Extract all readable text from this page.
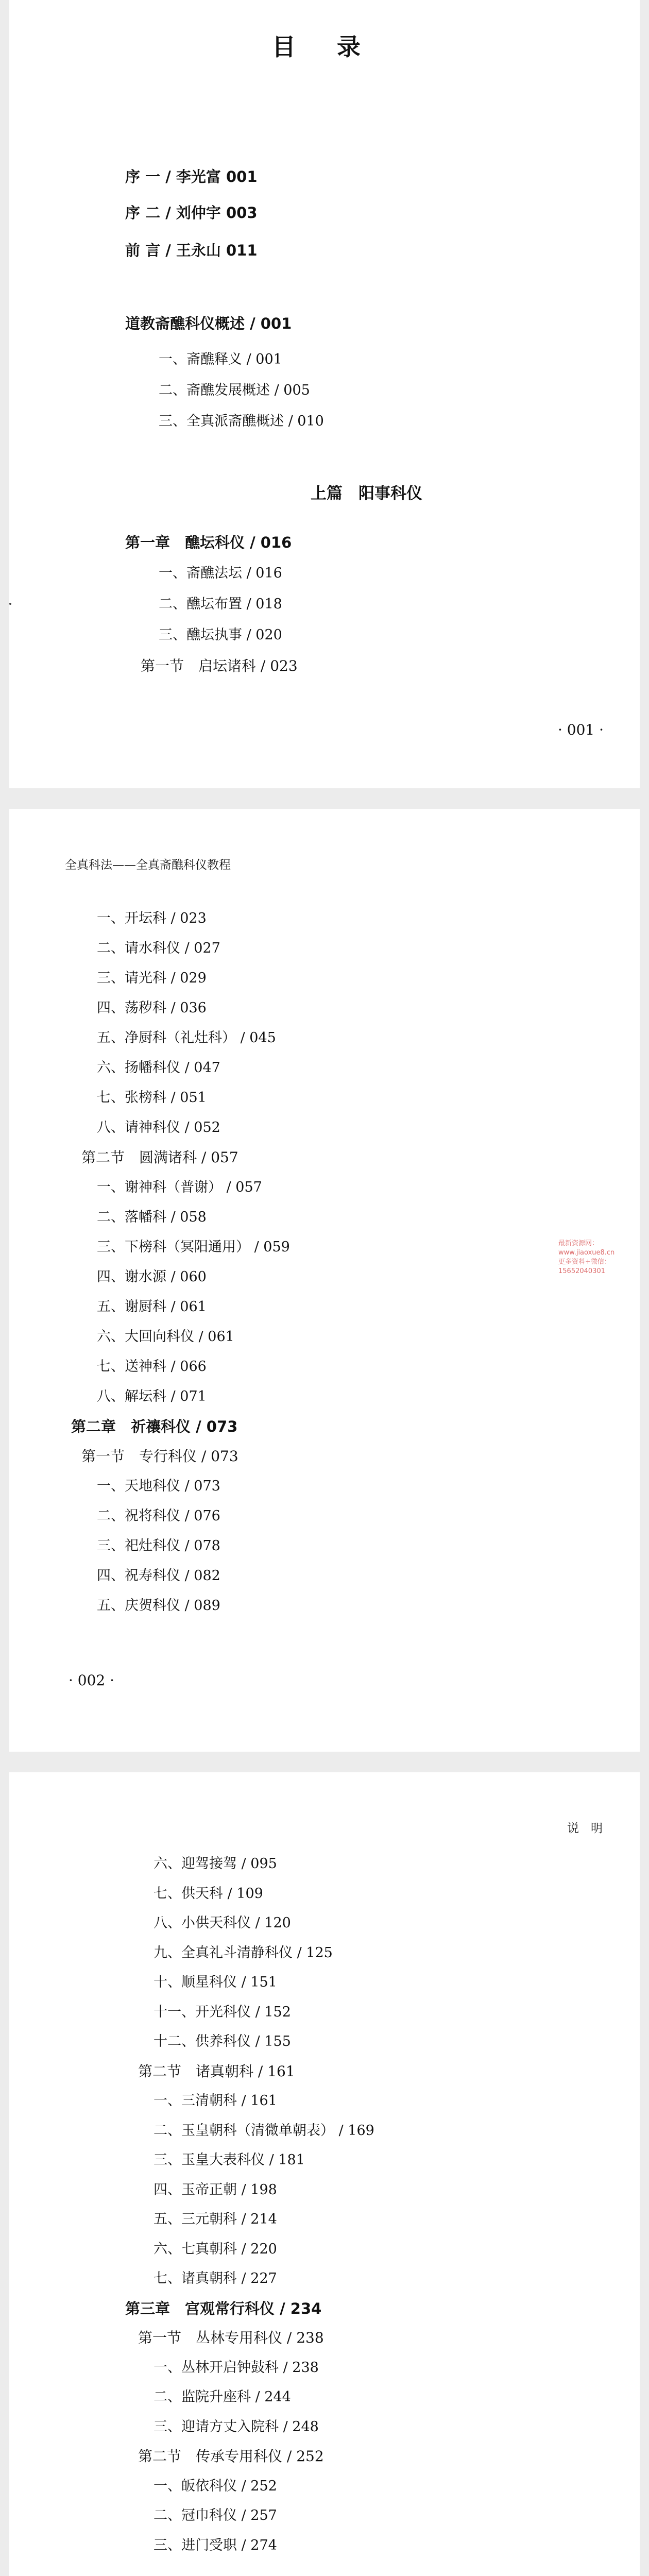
目 录
序 一 / 李光富 001
序 二 / 刘仲宇 003
前 言 / 王永山 011
道教斋醮科仪概述 / 001
一、斋醮释义 / 001
二、斋醮发展概述 / 005
三、全真派斋醮概述 / 010
上篇　阳事科仪
第一章　醮坛科仪 / 016
一、斋醮法坛 / 016
二、醮坛布置 / 018
三、醮坛执事 / 020
第一节　启坛诸科 / 023
· 001 ·
全真科法——全真斋醮科仪教程
一、开坛科 / 023
二、请水科仪 / 027
三、请光科 / 029
四、荡秽科 / 036
五、净厨科（礼灶科） / 045
六、扬幡科仪 / 047
七、张榜科 / 051
八、请神科仪 / 052
第二节　圆满诸科 / 057
一、谢神科（普谢） / 057
二、落幡科 / 058
三、下榜科（冥阳通用） / 059
四、谢水源 / 060
五、谢厨科 / 061
六、大回向科仪 / 061
七、送神科 / 066
八、解坛科 / 071
第二章　祈禳科仪 / 073
第一节　专行科仪 / 073
一、天地科仪 / 073
二、祝将科仪 / 076
三、祀灶科仪 / 078
四、祝寿科仪 / 082
五、庆贺科仪 / 089
· 002 ·
说　明
六、迎驾接驾 / 095
七、供天科 / 109
八、小供天科仪 / 120
九、全真礼斗清静科仪 / 125
十、顺星科仪 / 151
十一、开光科仪 / 152
十二、供养科仪 / 155
第二节　诸真朝科 / 161
一、三清朝科 / 161
二、玉皇朝科（清微单朝表） / 169
三、玉皇大表科仪 / 181
四、玉帝正朝 / 198
五、三元朝科 / 214
六、七真朝科 / 220
七、诸真朝科 / 227
第三章　宫观常行科仪 / 234
第一节　丛林专用科仪 / 238
一、丛林开启钟鼓科 / 238
二、监院升座科 / 244
三、迎请方丈入院科 / 248
第二节　传承专用科仪 / 252
一、皈依科仪 / 252
二、冠巾科仪 / 257
三、进门受职 / 274
最新资源网：www.jiaoxue8.cn
更多资料+微信：15652040301
